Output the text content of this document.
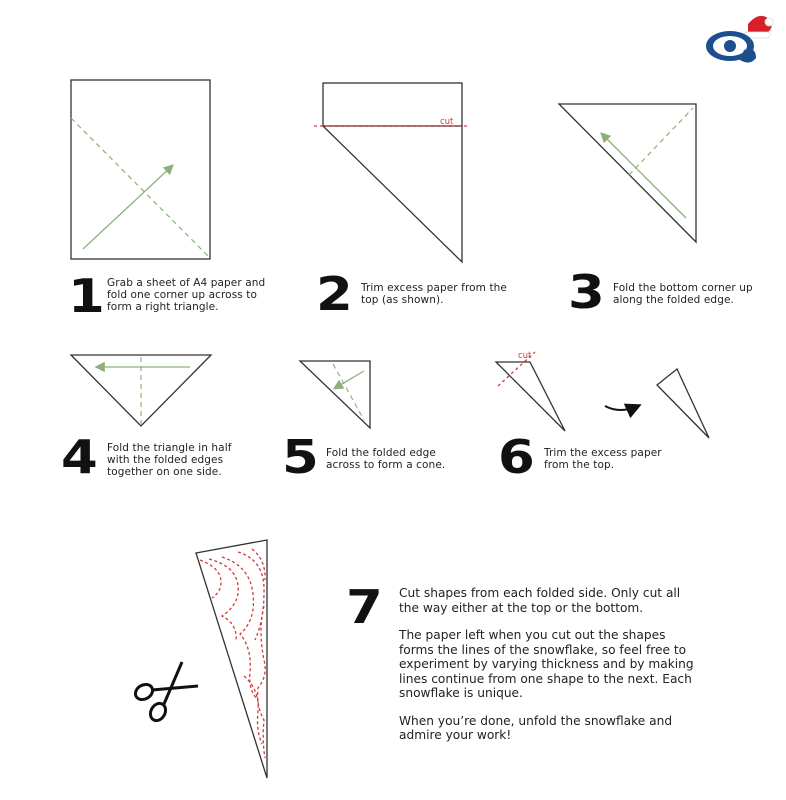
cut
cut
1 Grab a sheet of A4 paper and fold one corner up across to form a right triangle.	2 Trim excess paper from the top (as shown).	3 Fold the bottom corner up along the folded edge.
4 Fold the triangle in half with the folded edges together on one side.	5 Fold the folded edge across to form a cone. 6 Trim the excess paper from the top.
7 Cut shapes from each folded side. Only cut all the way either at the top or the bottom.

The paper left when you cut out the shapes forms the lines of the snowflake, so feel free to experiment by varying thickness and by making lines continue from one shape to the next. Each snowflake is unique.

When you’re done, unfold the snowflake and admire your work!
